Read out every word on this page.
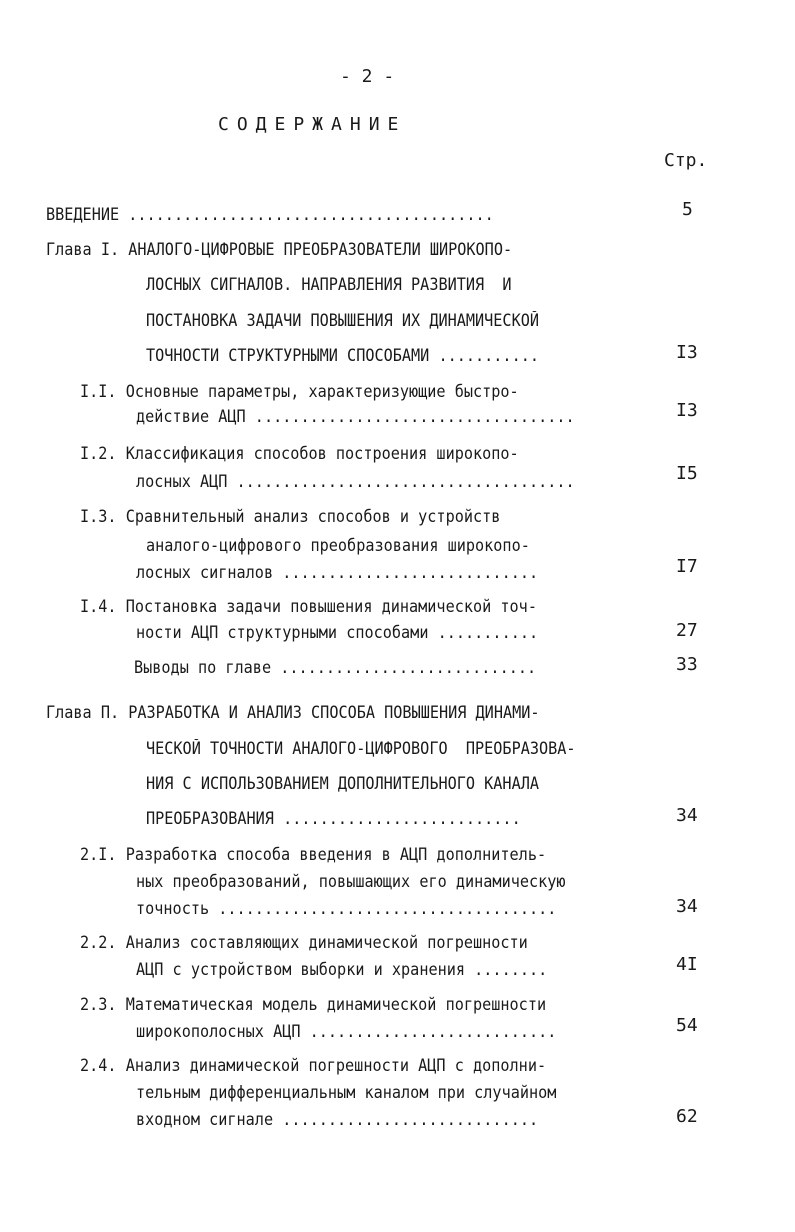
- 2 -
СОДЕРЖАНИЕ
Стр.
ВВЕДЕНИЕ ........................................	5
Глава I. АНАЛОГО-ЦИФРОВЫЕ ПРЕОБРАЗОВАТЕЛИ ШИРОКОПО-
ЛОСНЫХ СИГНАЛОВ. НАПРАВЛЕНИЯ РАЗВИТИЯ  И
ПОСТАНОВКА ЗАДАЧИ ПОВЫШЕНИЯ ИХ ДИНАМИЧЕСКОЙ
ТОЧНОСТИ СТРУКТУРНЫМИ СПОСОБАМИ ...........	I3
I.I. Основные параметры, характеризующие быстро-
действие АЦП ...................................	I3
I.2. Классификация способов построения широкопо-
лосных АЦП .....................................	I5
I.3. Сравнительный анализ способов и устройств
аналого-цифрового преобразования широкопо-
лосных сигналов ............................	I7
I.4. Постановка задачи повышения динамической точ-
ности АЦП структурными способами ...........	27
Выводы по главе ............................	33
Глава П. РАЗРАБОТКА И АНАЛИЗ СПОСОБА ПОВЫШЕНИЯ ДИНАМИ-
ЧЕСКОЙ ТОЧНОСТИ АНАЛОГО-ЦИФРОВОГО  ПРЕОБРАЗОВА-
НИЯ С ИСПОЛЬЗОВАНИЕМ ДОПОЛНИТЕЛЬНОГО КАНАЛА
ПРЕОБРАЗОВАНИЯ ..........................	34
2.I. Разработка способа введения в АЦП дополнитель-
ных преобразований, повышающих его динамическую
точность .....................................	34
2.2. Анализ составляющих динамической погрешности
АЦП с устройством выборки и хранения ........	4I
2.3. Математическая модель динамической погрешности
широкополосных АЦП ...........................	54
2.4. Анализ динамической погрешности АЦП с дополни-
тельным дифференциальным каналом при случайном
входном сигнале ............................	62
